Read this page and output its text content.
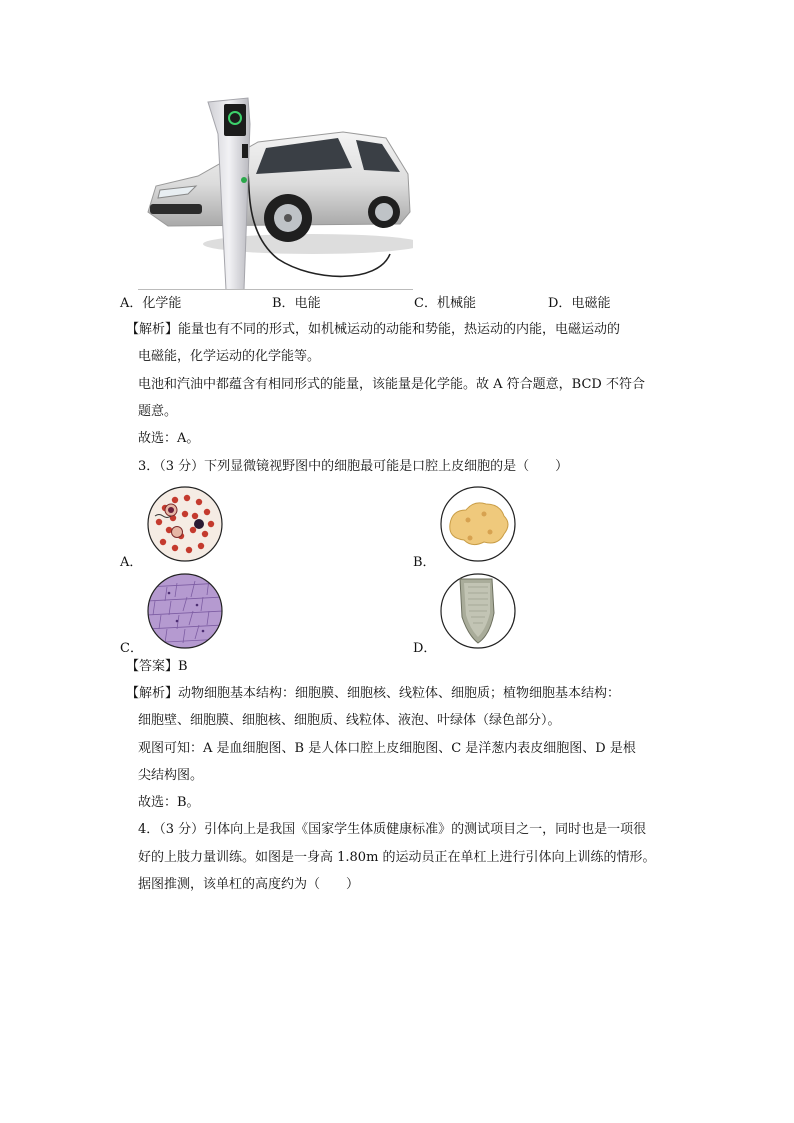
A．化学能	B．电能	C．机械能	D．电磁能
【解析】能量也有不同的形式，如机械运动的动能和势能，热运动的内能，电磁运动的
电磁能，化学运动的化学能等。
电池和汽油中都蕴含有相同形式的能量，该能量是化学能。故 A 符合题意，BCD 不符合
题意。
故选：A。
3．（3 分）下列显微镜视野图中的细胞最可能是口腔上皮细胞的是（　　）
A．	B．
C．	D．
【答案】B
【解析】动物细胞基本结构：细胞膜、细胞核、线粒体、细胞质；植物细胞基本结构：
细胞壁、细胞膜、细胞核、细胞质、线粒体、液泡、叶绿体（绿色部分）。
观图可知：A 是血细胞图、B 是人体口腔上皮细胞图、C 是洋葱内表皮细胞图、D 是根
尖结构图。
故选：B。
4．（3 分）引体向上是我国《国家学生体质健康标准》的测试项目之一，同时也是一项很
好的上肢力量训练。如图是一身高 1.80m 的运动员正在单杠上进行引体向上训练的情形。
据图推测，该单杠的高度约为（　　）
